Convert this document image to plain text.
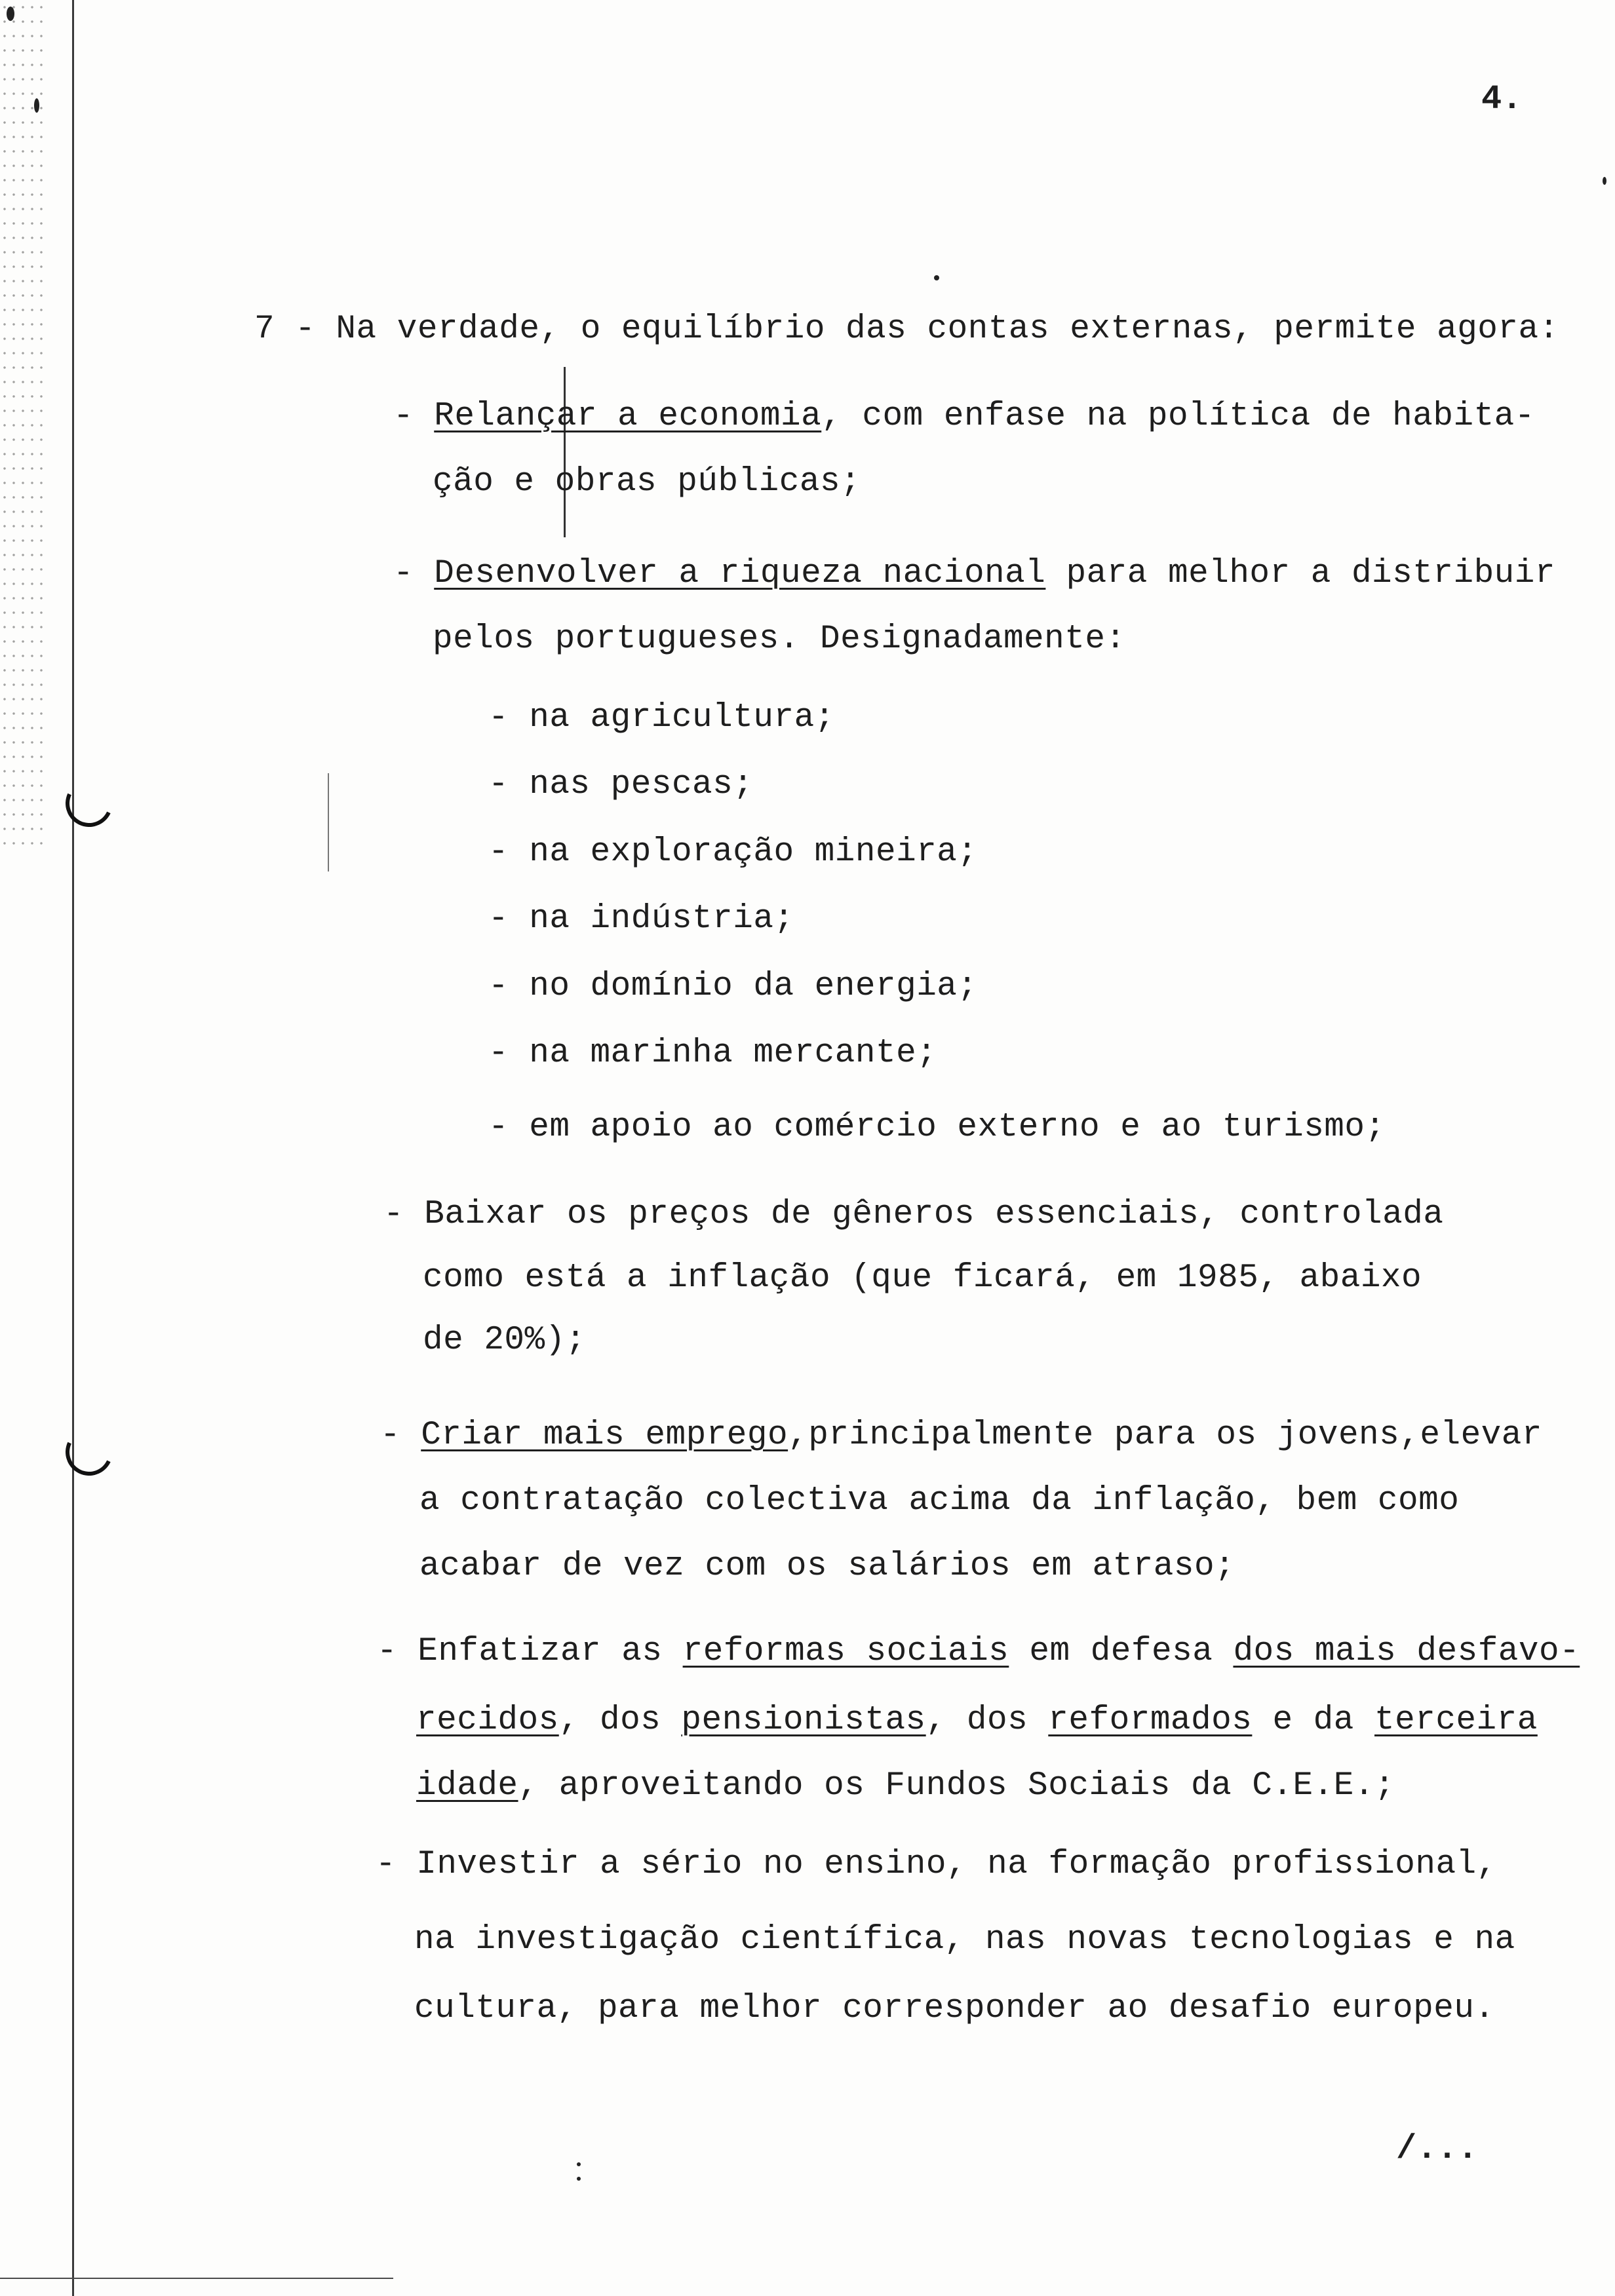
4.
7 - Na verdade, o equilíbrio das contas externas, permite agora:
- Relançar a economia, com enfase na política de habita-
ção e obras públicas;
- Desenvolver a riqueza nacional para melhor a distribuir
pelos portugueses. Designadamente:
- na agricultura;
- nas pescas;
- na exploração mineira;
- na indústria;
- no domínio da energia;
- na marinha mercante;
- em apoio ao comércio externo e ao turismo;
- Baixar os preços de gêneros essenciais, controlada
como está a inflação (que ficará, em 1985, abaixo
de 20%);
- Criar mais emprego,principalmente para os jovens,elevar
a contratação colectiva acima da inflação, bem como
acabar de vez com os salários em atraso;
- Enfatizar as reformas sociais em defesa dos mais desfavo-
recidos, dos pensionistas, dos reformados e da terceira
idade, aproveitando os Fundos Sociais da C.E.E.;
- Investir a sério no ensino, na formação profissional,
na investigação científica, nas novas tecnologias e na
cultura, para melhor corresponder ao desafio europeu.
/...
